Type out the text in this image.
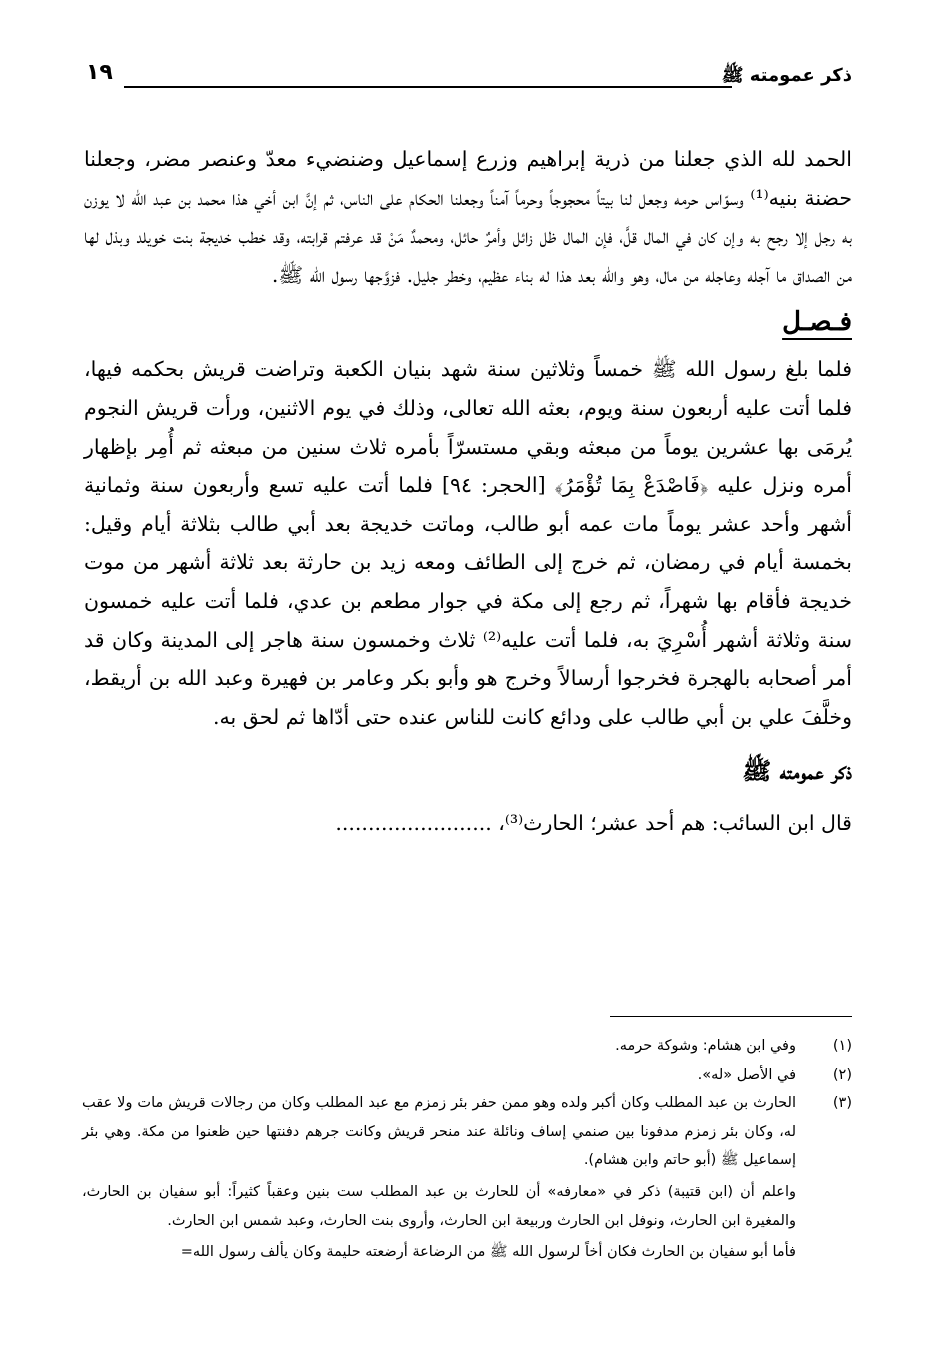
ذكر عمومته ﷺ
١٩

الحمد لله الذي جعلنا من ذرية إبراهيم وزرع إسماعيل وضنضيء معدّ وعنصر مضر، وجعلنا حضنة بنيه⁽¹⁾ وسوّاس حرمه وجعل لنا بيتاً محجوجاً وحرماً آمناً وجعلنا الحكام على الناس، ثم إنَّ ابن أخي هذا محمد بن عبد الله لا يوزن به رجل إلا رجح به وإن كان في المال قلَّ، فإن المال ظل زائل وأمرٌ حائل، ومحمدٌ مَنْ قد عرفتم قرابته، وقد خطب خديجة بنت خويلد وبذل لها من الصداق ما آجله وعاجله من مال، وهو والله بعد هذا له بناء عظيم، وخطر جليل. فزوَّجها رسول الله ﷺ.

فـصـل

فلما بلغ رسول الله ﷺ خمساً وثلاثين سنة شهد بنيان الكعبة وتراضت قريش بحكمه فيها، فلما أتت عليه أربعون سنة ويوم، بعثه الله تعالى، وذلك في يوم الاثنين، ورأت قريش النجوم يُرمَى بها عشرين يوماً من مبعثه وبقي مستسرّاً بأمره ثلاث سنين من مبعثه ثم أُمِر بإظهار أمره ونزل عليه ﴿فَاصْدَعْ بِمَا تُؤْمَرُ﴾ [الحجر: ٩٤] فلما أتت عليه تسع وأربعون سنة وثمانية أشهر وأحد عشر يوماً مات عمه أبو طالب، وماتت خديجة بعد أبي طالب بثلاثة أيام وقيل: بخمسة أيام في رمضان، ثم خرج إلى الطائف ومعه زيد بن حارثة بعد ثلاثة أشهر من موت خديجة فأقام بها شهراً، ثم رجع إلى مكة في جوار مطعم بن عدي، فلما أتت عليه خمسون سنة وثلاثة أشهر أُسْرِيَ به، فلما أتت عليه⁽²⁾ ثلاث وخمسون سنة هاجر إلى المدينة وكان قد أمر أصحابه بالهجرة فخرجوا أرسالاً وخرج هو وأبو بكر وعامر بن فهيرة وعبد الله بن أريقط، وخلَّفَ علي بن أبي طالب على ودائع كانت للناس عنده حتى أدّاها ثم لحق به.

ذكر عمومته ﷺ

قال ابن السائب: هم أحد عشر؛ الحارث⁽³⁾، ........................

(١)
وفي ابن هشام: وشوكة حرمه.

(٢)
في الأصل «له».

(٣)
الحارث بن عبد المطلب وكان أكبر ولده وهو ممن حفر بئر زمزم مع عبد المطلب وكان من رجالات قريش مات ولا عقب له، وكان بئر زمزم مدفونا بين صنمي إساف ونائلة عند منحر قريش وكانت جرهم دفنتها حين ظعنوا من مكة. وهي بئر إسماعيل ﷺ (أبو حاتم وابن هشام).

واعلم أن (ابن قتيبة) ذكر في «معارفه» أن للحارث بن عبد المطلب ست بنين وعقباً كثيراً: أبو سفيان بن الحارث، والمغيرة ابن الحارث، ونوفل ابن الحارث وربيعة ابن الحارث، وأروى بنت الحارث، وعبد شمس ابن الحارث.

فأما أبو سفيان بن الحارث فكان أخاً لرسول الله ﷺ من الرضاعة أرضعته حليمة وكان يألف رسول الله=
